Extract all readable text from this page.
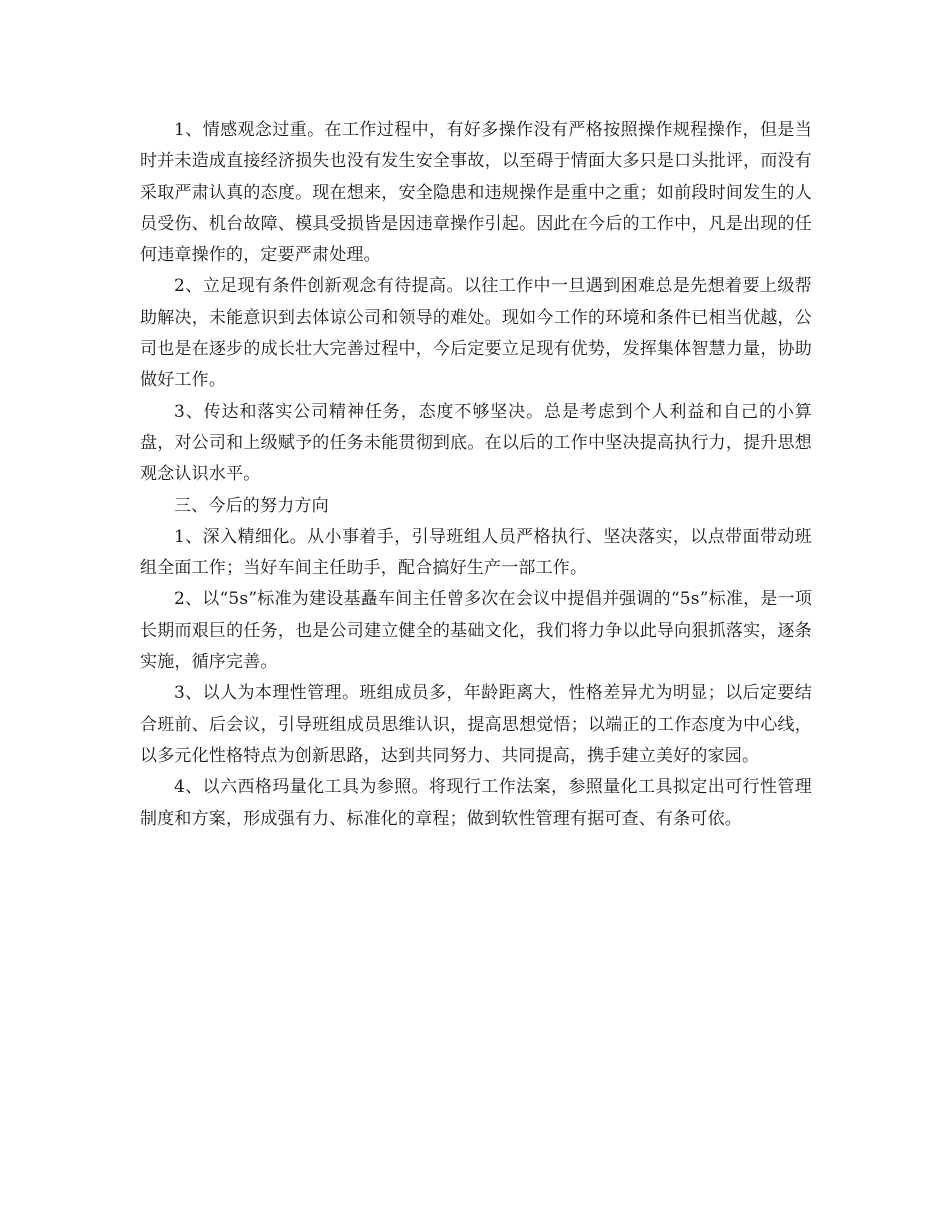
1、情感观念过重。在工作过程中，有好多操作没有严格按照操作规程操作，但是当时并未造成直接经济损失也没有发生安全事故，以至碍于情面大多只是口头批评，而没有采取严肃认真的态度。现在想来，安全隐患和违规操作是重中之重；如前段时间发生的人员受伤、机台故障、模具受损皆是因违章操作引起。因此在今后的工作中，凡是出现的任何违章操作的，定要严肃处理。

2、立足现有条件创新观念有待提高。以往工作中一旦遇到困难总是先想着要上级帮助解决，未能意识到去体谅公司和领导的难处。现如今工作的环境和条件已相当优越，公司也是在逐步的成长壮大完善过程中，今后定要立足现有优势，发挥集体智慧力量，协助做好工作。

3、传达和落实公司精神任务，态度不够坚决。总是考虑到个人利益和自己的小算盘，对公司和上级赋予的任务未能贯彻到底。在以后的工作中坚决提高执行力，提升思想观念认识水平。

三、今后的努力方向

1、深入精细化。从小事着手，引导班组人员严格执行、坚决落实，以点带面带动班组全面工作；当好车间主任助手，配合搞好生产一部工作。

2、以“5s”标准为建设基矗车间主任曾多次在会议中提倡并强调的“5s”标准，是一项长期而艰巨的任务，也是公司建立健全的基础文化，我们将力争以此导向狠抓落实，逐条实施，循序完善。

3、以人为本理性管理。班组成员多，年龄距离大，性格差异尤为明显；以后定要结合班前、后会议，引导班组成员思维认识，提高思想觉悟；以端正的工作态度为中心线，以多元化性格特点为创新思路，达到共同努力、共同提高，携手建立美好的家园。

4、以六西格玛量化工具为参照。将现行工作法案，参照量化工具拟定出可行性管理制度和方案，形成强有力、标准化的章程；做到软性管理有据可查、有条可依。
